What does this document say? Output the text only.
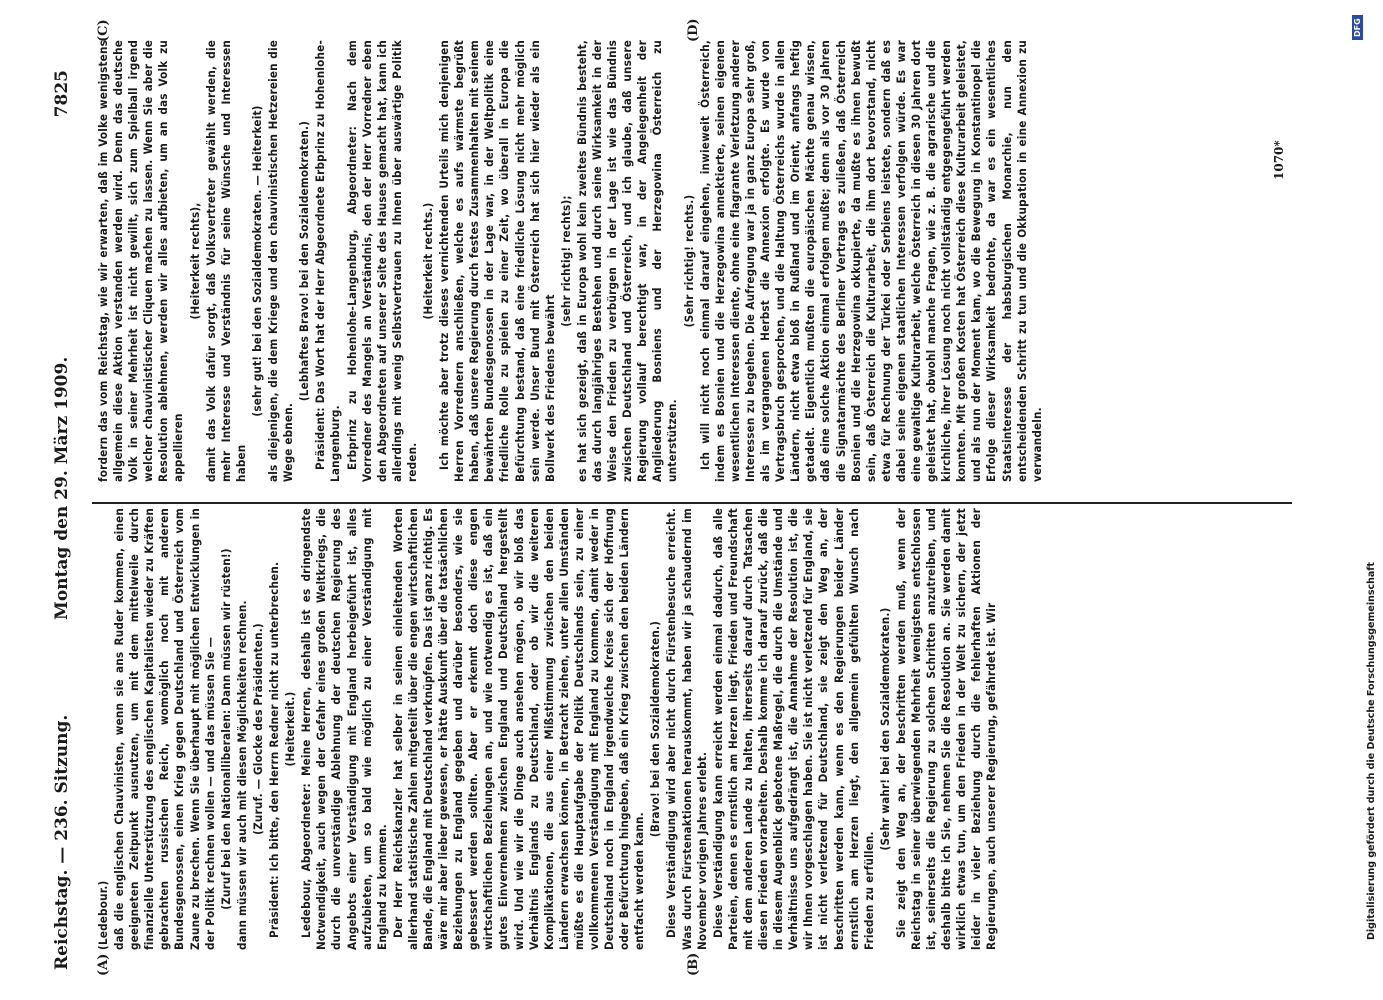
Reichstag. — 236. Sitzung.
Montag den 29. März 1909.
7825
(A)	(B)
(C)	(D)

(Ledebour.) daß die englischen Chauvinisten, wenn sie ans Ruder kommen, einen geeigneten Zeitpunkt ausnutzen, um mit dem mittelweile durch finanzielle Unterstützung des englischen Kapitalisten wieder zu Kräften gebrachten russischen Reich, womöglich noch mit anderen Bundesgenossen, einen Krieg gegen Deutschland und Österreich vom Zaune zu brechen. Wenn Sie überhaupt mit möglichen Entwicklungen in der Politik rechnen wollen — und das müssen Sie — (Zuruf bei den Nationalliberalen: Dann müssen wir rüsten!) dann müssen wir auch mit diesen Möglichkeiten rechnen. (Zuruf. — Glocke des Präsidenten.) Präsident: Ich bitte, den Herrn Redner nicht zu unterbrechen. (Heiterkeit.) Ledebour, Abgeordneter: Meine Herren, deshalb ist es dringendste Notwendigkeit, auch wegen der Gefahr eines großen Weltkriegs, die durch die unverständige Ablehnung der deutschen Regierung des Angebots einer Verständigung mit England herbeigeführt ist, alles aufzubieten, um so bald wie möglich zu einer Verständigung mit England zu kommen. Der Herr Reichskanzler hat selber in seinen einleitenden Worten allerhand statistische Zahlen mitgeteilt über die engen wirtschaftlichen Bande, die England mit Deutschland verknüpfen. Das ist ganz richtig. Es wäre mir aber lieber gewesen, er hätte Auskunft über die tatsächlichen Beziehungen zu England gegeben und darüber besonders, wie sie gebessert werden sollten. Aber er erkennt doch diese engen wirtschaftlichen Beziehungen an, und wie notwendig es ist, daß ein gutes Einvernehmen zwischen England und Deutschland hergestellt wird. Und wie wir die Dinge auch ansehen mögen, ob wir bloß das Verhältnis Englands zu Deutschland, oder ob wir die weiteren Komplikationen, die aus einer Mißstimmung zwischen den beiden Ländern erwachsen können, in Betracht ziehen, unter allen Umständen müßte es die Hauptaufgabe der Politik Deutschlands sein, zu einer vollkommenen Verständigung mit England zu kommen, damit weder in Deutschland noch in England irgendwelche Kreise sich der Hoffnung oder Befürchtung hingeben, daß ein Krieg zwischen den beiden Ländern entfacht werden kann.

(Bravo! bei den Sozialdemokraten.) Diese Verständigung wird aber nicht durch Fürstenbesuche erreicht. Was durch Fürstenaktionen herauskommt, haben wir ja schaudernd im November vorigen Jahres erlebt. Diese Verständigung kann erreicht werden einmal dadurch, daß alle Parteien, denen es ernstlich am Herzen liegt, Frieden und Freundschaft mit dem anderen Lande zu halten, ihrerseits darauf durch Tatsachen diesen Frieden vorarbeiten. Deshalb komme ich darauf zurück, daß die in diesem Augenblick gebotene Maßregel, die durch die Umstände und Verhältnisse uns aufgedrängt ist, die Annahme der Resolution ist, die wir Ihnen vorgeschlagen haben. Sie ist nicht verletzend für England, sie ist nicht verletzend für Deutschland, sie zeigt den Weg an, der beschritten werden kann, wenn es den Regierungen beider Länder ernstlich am Herzen liegt, den allgemein gefühlten Wunsch nach Frieden zu erfüllen.

(Sehr wahr! bei den Sozialdemokraten.) Sie zeigt den Weg an, der beschritten werden muß, wenn der Reichstag in seiner überwiegenden Mehrheit wenigstens entschlossen ist, seinerseits die Regierung zu solchen Schritten anzutreiben, und deshalb bitte ich Sie, nehmen Sie die Resolution an. Sie werden damit wirklich etwas tun, um den Frieden in der Welt zu sichern, der jetzt leider in vieler Beziehung durch die fehlerhaften Aktionen der Regierungen, auch unserer Regierung, gefährdet ist. Wir

fordern das vom Reichstag, wie wir erwarten, daß im Volke wenigstens allgemein diese Aktion verstanden werden wird. Denn das deutsche Volk in seiner Mehrheit ist nicht gewillt, sich zum Spielball irgend welcher chauvinistischer Cliquen machen zu lassen. Wenn Sie aber die Resolution ablehnen, werden wir alles aufbieten, um an das Volk zu appellieren

(Heiterkeit rechts), damit das Volk dafür sorgt, daß Volksvertreter gewählt werden, die mehr Interesse und Verständnis für seine Wünsche und Interessen haben

(sehr gut! bei den Sozialdemokraten. — Heiterkeit) als diejenigen, die dem Kriege und den chauvinistischen Hetzereien die Wege ebnen.

(Lebhaftes Bravo! bei den Sozialdemokraten.) Präsident: Das Wort hat der Herr Abgeordnete Erbprinz zu Hohenlohe-Langenburg. Erbprinz zu Hohenlohe-Langenburg, Abgeordneter: Nach dem Vorredner des Mangels an Verständnis, den der Herr Vorredner eben den Abgeordneten auf unserer Seite des Hauses gemacht hat, kann ich allerdings mit wenig Selbstvertrauen zu Ihnen über auswärtige Politik reden.

(Heiterkeit rechts.) Ich möchte aber trotz dieses vernichtenden Urteils mich denjenigen Herren Vorrednern anschließen, welche es aufs wärmste begrüßt haben, daß unsere Regierung durch festes Zusammenhalten mit seinem bewährten Bundesgenossen in der Lage war, in der Weltpolitik eine friedliche Rolle zu spielen zu einer Zeit, wo überall in Europa die Befürchtung bestand, daß eine friedliche Lösung nicht mehr möglich sein werde. Unser Bund mit Österreich hat sich hier wieder als ein Bollwerk des Friedens bewährt

(sehr richtig! rechts); es hat sich gezeigt, daß in Europa wohl kein zweites Bündnis besteht, das durch langjähriges Bestehen und durch seine Wirksamkeit in der Weise den Frieden zu verbürgen in der Lage ist wie das Bündnis zwischen Deutschland und Österreich, und ich glaube, daß unsere Regierung vollauf berechtigt war, in der Angelegenheit der Angliederung Bosniens und der Herzegowina Österreich zu unterstützen.

(Sehr richtig! rechts.) Ich will nicht noch einmal darauf eingehen, inwieweit Österreich, indem es Bosnien und die Herzegowina annektierte, seinen eigenen wesentlichen Interessen diente, ohne eine flagrante Verletzung anderer Interessen zu begehen. Die Aufregung war ja in ganz Europa sehr groß, als im vergangenen Herbst die Annexion erfolgte. Es wurde von Vertragsbruch gesprochen, und die Haltung Österreichs wurde in allen Ländern, nicht etwa bloß in Rußland und im Orient, anfangs heftig getadelt. Eigentlich mußten die europäischen Mächte genau wissen, daß eine solche Aktion einmal erfolgen mußte; denn als vor 30 Jahren die Signatarmächte des Berliner Vertrags es zuließen, daß Österreich Bosnien und die Herzegowina okkupierte, da mußte es ihnen bewußt sein, daß Österreich die Kulturarbeit, die ihm dort bevorstand, nicht etwa für Rechnung der Türkei oder Serbiens leistete, sondern daß es dabei seine eigenen staatlichen Interessen verfolgen würde. Es war eine gewaltige Kulturarbeit, welche Österreich in diesen 30 Jahren dort geleistet hat, obwohl manche Fragen, wie z. B. die agrarische und die kirchliche, ihrer Lösung noch nicht vollständig entgegengeführt werden konnten. Mit großen Kosten hat Österreich diese Kulturarbeit geleistet, und als nun der Moment kam, wo die Bewegung in Konstantinopel die Erfolge dieser Wirksamkeit bedrohte, da war es ein wesentliches Staatsinteresse der habsburgischen Monarchie, nun den entscheidenden Schritt zu tun und die Okkupation in eine Annexion zu verwandeln.

1070*
Digitalisierung gefördert durch die Deutsche Forschungsgemeinschaft
DFG
